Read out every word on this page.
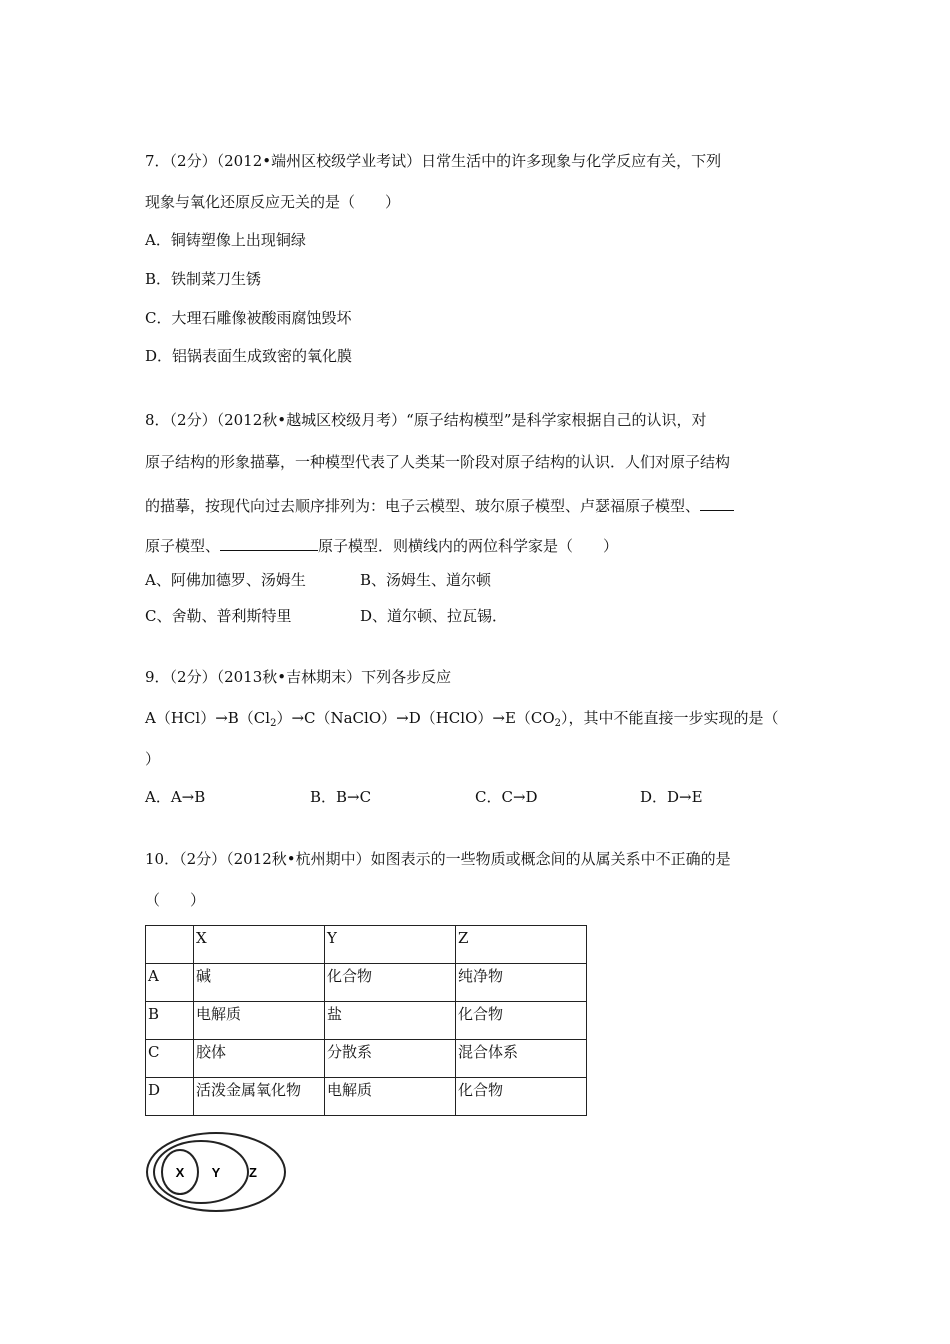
7．（2分）（2012•端州区校级学业考试）日常生活中的许多现象与化学反应有关，下列
现象与氧化还原反应无关的是（　　）
A．铜铸塑像上出现铜绿
B．铁制菜刀生锈
C．大理石雕像被酸雨腐蚀毁坏
D．铝锅表面生成致密的氧化膜
8．（2分）（2012秋•越城区校级月考）“原子结构模型”是科学家根据自己的认识，对
原子结构的形象描摹，一种模型代表了人类某一阶段对原子结构的认识．人们对原子结构
的描摹，按现代向过去顺序排列为：电子云模型、玻尔原子模型、卢瑟福原子模型、
原子模型、	原子模型．则横线内的两位科学家是（　　）
A、阿佛加德罗、汤姆生	B、汤姆生、道尔顿
C、舍勒、普利斯特里	D、道尔顿、拉瓦锡．
9．（2分）（2013秋•吉林期末）下列各步反应
$A(HCl)\to B(Cl_2)\to C(NaClO)\to D(HClO)\to E(CO_2)$，其中不能直接一步实现的是（
）
A．A→B	B．B→C	C．C→D	D．D→E
10．（2分）（2012秋•杭州期中）如图表示的一些物质或概念间的从属关系中不正确的是
（　　）
	X	Y	Z
A	碱	化合物	纯净物
B	电解质	盐	化合物
C	胶体	分散系	混合体系
D	活泼金属氧化物	电解质	化合物
X Y Z
